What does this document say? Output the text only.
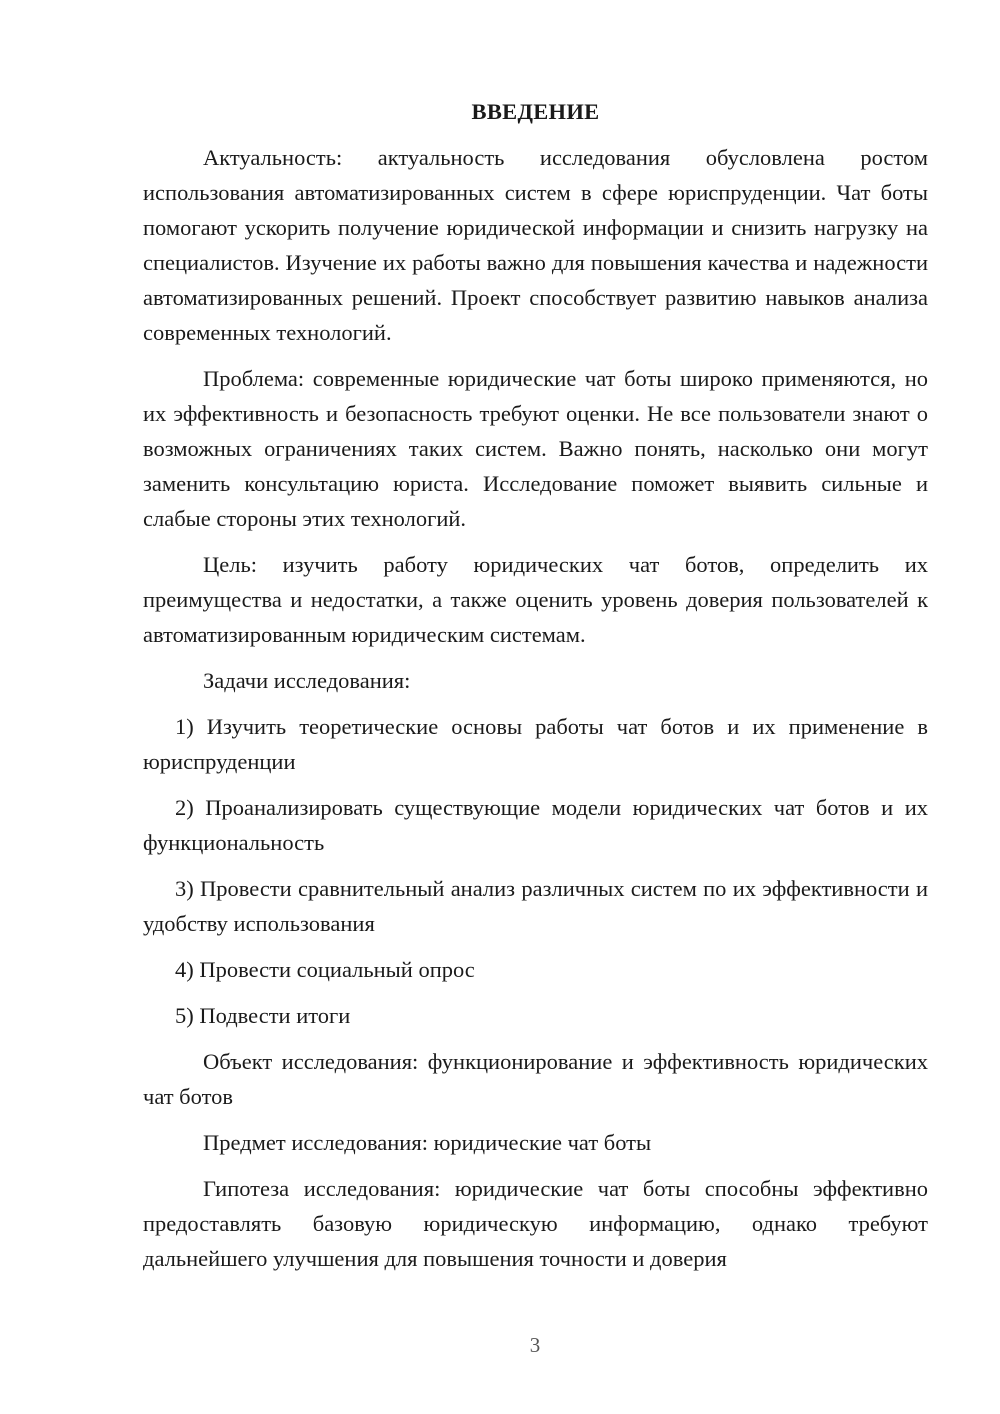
ВВЕДЕНИЕ

Актуальность: актуальность исследования обусловлена ростом использования автоматизированных систем в сфере юриспруденции. Чат боты помогают ускорить получение юридической информации и снизить нагрузку на специалистов. Изучение их работы важно для повышения качества и надежности автоматизированных решений. Проект способствует развитию навыков анализа современных технологий.

Проблема: современные юридические чат боты широко применяются, но их эффективность и безопасность требуют оценки. Не все пользователи знают о возможных ограничениях таких систем. Важно понять, насколько они могут заменить консультацию юриста. Исследование поможет выявить сильные и слабые стороны этих технологий.

Цель: изучить работу юридических чат ботов, определить их преимущества и недостатки, а также оценить уровень доверия пользователей к автоматизированным юридическим системам.

Задачи исследования:

1) Изучить теоретические основы работы чат ботов и их применение в юриспруденции

2) Проанализировать существующие модели юридических чат ботов и их функциональность

3) Провести сравнительный анализ различных систем по их эффективности и удобству использования

4) Провести социальный опрос

5) Подвести итоги

Объект исследования: функционирование и эффективность юридических чат ботов

Предмет исследования: юридические чат боты

Гипотеза исследования: юридические чат боты способны эффективно предоставлять базовую юридическую информацию, однако требуют дальнейшего улучшения для повышения точности и доверия

3
